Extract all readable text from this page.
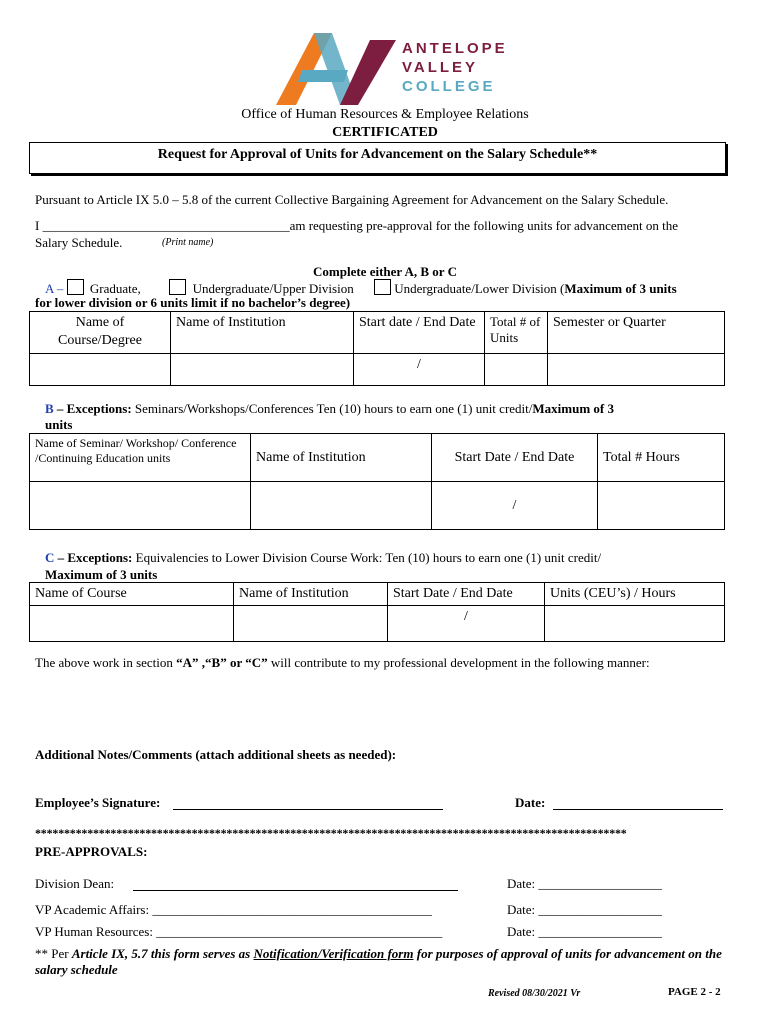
ANTELOPE
VALLEY
COLLEGE
Office of Human Resources & Employee Relations
CERTIFICATED
Request for Approval of Units for Advancement on the Salary Schedule**
Pursuant to Article IX 5.0 – 5.8 of the current Collective Bargaining Agreement for Advancement on the Salary Schedule.
I ______________________________________am requesting pre-approval for the following units for advancement on the
Salary Schedule.	(Print name)
Complete either A, B or C
A – Graduate,	Undergraduate/Upper Division	Undergraduate/Lower Division (Maximum of 3 units
for lower division or 6 units limit if no bachelor’s degree)
Name of Course/Degree	Name of Institution	Start date / End Date	Total # of Units	Semester or Quarter
		/		
B – Exceptions: Seminars/Workshops/Conferences Ten (10) hours to earn one (1) unit credit/Maximum of 3
units
Name of Seminar/ Workshop/ Conference /Continuing Education units	Name of Institution	Start Date / End Date	Total # Hours
		/	
C – Exceptions: Equivalencies to Lower Division Course Work: Ten (10) hours to earn one (1) unit credit/
Maximum of 3 units
Name of Course	Name of Institution	Start Date / End Date	Units (CEU’s) / Hours
		/	
The above work in section “A” ,“B” or “C” will contribute to my professional development in the following manner:
Additional Notes/Comments (attach additional sheets as needed):
Employee’s Signature:	Date:
******************************************************************************************************
PRE-APPROVALS:
Division Dean:	Date: ___________________
VP Academic Affairs: ___________________________________________	Date: ___________________
VP Human Resources: ____________________________________________	Date: ___________________
** Per Article IX, 5.7 this form serves as Notification/Verification form for purposes of approval of units for advancement on the salary schedule
Revised 08/30/2021 Vr	PAGE 2 - 2
